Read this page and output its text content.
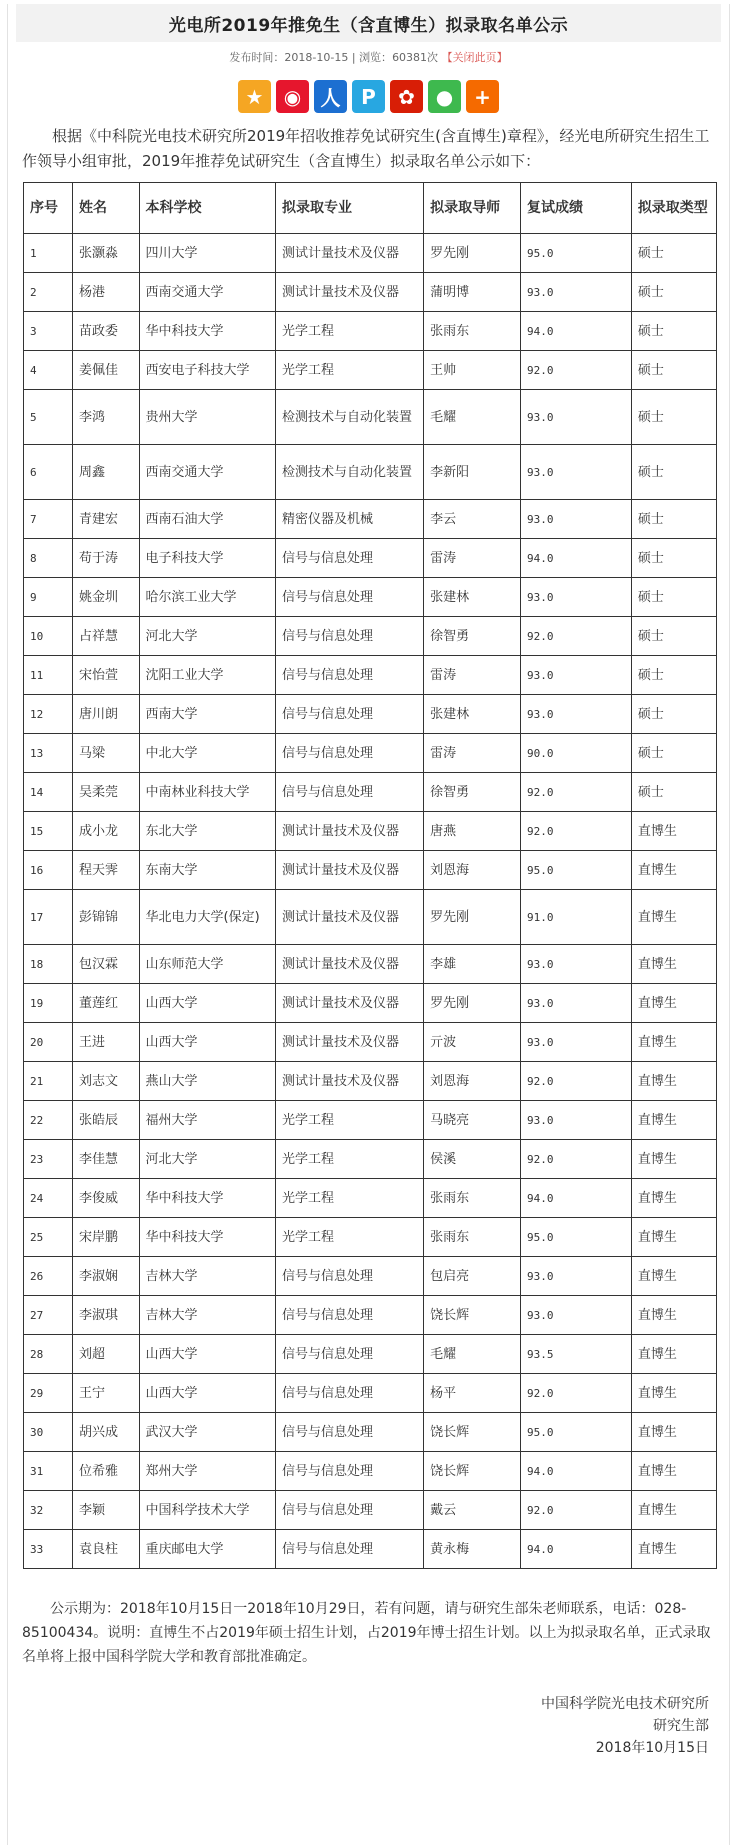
光电所2019年推免生（含直博生）拟录取名单公示
发布时间：2018-10-15 | 浏览：60381次 【关闭此页】
★	◉ 人	P	✿	●	+
根据《中科院光电技术研究所2019年招收推荐免试研究生(含直博生)章程》，经光电所研究生招生工作领导小组审批，2019年推荐免试研究生（含直博生）拟录取名单公示如下：
序号	姓名	本科学校	拟录取专业	拟录取导师	复试成绩	拟录取类型
1	张灏淼	四川大学	测试计量技术及仪器	罗先刚	95.0	硕士
2	杨港	西南交通大学	测试计量技术及仪器	蒲明博	93.0	硕士
3	苗政委	华中科技大学	光学工程	张雨东	94.0	硕士
4	姜佩佳	西安电子科技大学	光学工程	王帅	92.0	硕士
5	李鸿	贵州大学	检测技术与自动化装置	毛耀	93.0	硕士
6	周鑫	西南交通大学	检测技术与自动化装置	李新阳	93.0	硕士
7	青建宏	西南石油大学	精密仪器及机械	李云	93.0	硕士
8	苟于涛	电子科技大学	信号与信息处理	雷涛	94.0	硕士
9	姚金圳	哈尔滨工业大学	信号与信息处理	张建林	93.0	硕士
10	占祥慧	河北大学	信号与信息处理	徐智勇	92.0	硕士
11	宋怡萱	沈阳工业大学	信号与信息处理	雷涛	93.0	硕士
12	唐川朗	西南大学	信号与信息处理	张建林	93.0	硕士
13	马梁	中北大学	信号与信息处理	雷涛	90.0	硕士
14	吴柔莞	中南林业科技大学	信号与信息处理	徐智勇	92.0	硕士
15	成小龙	东北大学	测试计量技术及仪器	唐燕	92.0	直博生
16	程天霁	东南大学	测试计量技术及仪器	刘恩海	95.0	直博生
17	彭锦锦	华北电力大学(保定)	测试计量技术及仪器	罗先刚	91.0	直博生
18	包汉霖	山东师范大学	测试计量技术及仪器	李雄	93.0	直博生
19	董莲红	山西大学	测试计量技术及仪器	罗先刚	93.0	直博生
20	王进	山西大学	测试计量技术及仪器	亓波	93.0	直博生
21	刘志文	燕山大学	测试计量技术及仪器	刘恩海	92.0	直博生
22	张皓辰	福州大学	光学工程	马晓亮	93.0	直博生
23	李佳慧	河北大学	光学工程	侯溪	92.0	直博生
24	李俊威	华中科技大学	光学工程	张雨东	94.0	直博生
25	宋岸鹏	华中科技大学	光学工程	张雨东	95.0	直博生
26	李淑娴	吉林大学	信号与信息处理	包启亮	93.0	直博生
27	李淑琪	吉林大学	信号与信息处理	饶长辉	93.0	直博生
28	刘超	山西大学	信号与信息处理	毛耀	93.5	直博生
29	王宁	山西大学	信号与信息处理	杨平	92.0	直博生
30	胡兴成	武汉大学	信号与信息处理	饶长辉	95.0	直博生
31	位希雅	郑州大学	信号与信息处理	饶长辉	94.0	直博生
32	李颖	中国科学技术大学	信号与信息处理	戴云	92.0	直博生
33	袁良柱	重庆邮电大学	信号与信息处理	黄永梅	94.0	直博生
公示期为：2018年10月15日一2018年10月29日，若有问题，请与研究生部朱老师联系，电话：028-85100434。说明：直博生不占2019年硕士招生计划，占2019年博士招生计划。以上为拟录取名单，正式录取名单将上报中国科学院大学和教育部批准确定。
中国科学院光电技术研究所
研究生部
2018年10月15日
